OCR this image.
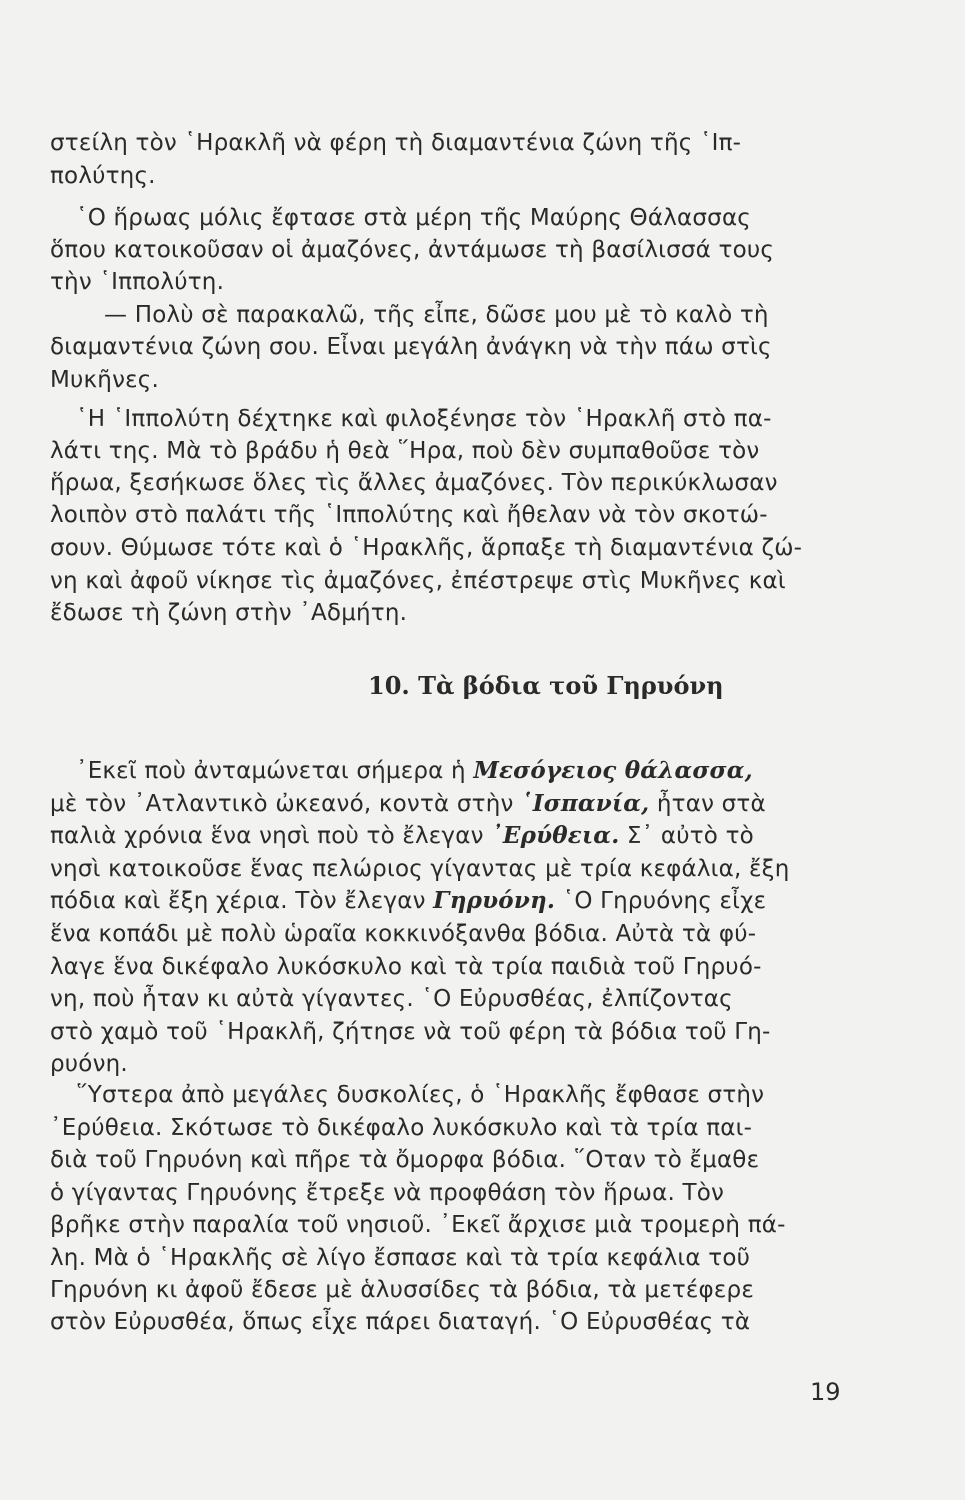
στείλη τὸν ῾Ηρακλῆ νὰ φέρη τὴ διαμαντένια ζώνη τῆς ῾Ιπ-
πολύτης.
῾Ο ἥρωας μόλις ἔφτασε στὰ μέρη τῆς Μαύρης Θάλασσας
ὅπου κατοικοῦσαν οἱ ἀμαζόνες, ἀντάμωσε τὴ βασίλισσά τους
τὴν ῾Ιππολύτη.
— Πολὺ σὲ παρακαλῶ, τῆς εἶπε, δῶσε μου μὲ τὸ καλὸ τὴ
διαμαντένια ζώνη σου. Εἶναι μεγάλη ἀνάγκη νὰ τὴν πάω στὶς
Μυκῆνες.
῾Η ῾Ιππολύτη δέχτηκε καὶ φιλοξένησε τὸν ῾Ηρακλῆ στὸ πα-
λάτι της. Μὰ τὸ βράδυ ἡ θεὰ ῞Ηρα, ποὺ δὲν συμπαθοῦσε τὸν
ἥρωα, ξεσήκωσε ὅλες τὶς ἄλλες ἀμαζόνες. Τὸν περικύκλωσαν
λοιπὸν στὸ παλάτι τῆς ῾Ιππολύτης καὶ ἤθελαν νὰ τὸν σκοτώ-
σουν. Θύμωσε τότε καὶ ὁ ῾Ηρακλῆς, ἅρπαξε τὴ διαμαντένια ζώ-
νη καὶ ἀφοῦ νίκησε τὶς ἀμαζόνες, ἐπέστρεψε στὶς Μυκῆνες καὶ
ἔδωσε τὴ ζώνη στὴν ᾿Αδμήτη.
10. Τὰ βόδια τοῦ Γηρυόνη
᾿Εκεῖ ποὺ ἀνταμώνεται σήμερα ἡ Μεσόγειος θάλασσα,
μὲ τὸν ᾿Ατλαντικὸ ὠκεανό, κοντὰ στὴν ῾Ισπανία, ἦταν στὰ
παλιὰ χρόνια ἕνα νησὶ ποὺ τὸ ἔλεγαν ᾿Ερύθεια. Σ᾿ αὐτὸ τὸ
νησὶ κατοικοῦσε ἕνας πελώριος γίγαντας μὲ τρία κεφάλια, ἔξη
πόδια καὶ ἔξη χέρια. Τὸν ἔλεγαν Γηρυόνη. ῾Ο Γηρυόνης εἶχε
ἕνα κοπάδι μὲ πολὺ ὡραῖα κοκκινόξανθα βόδια. Αὐτὰ τὰ φύ-
λαγε ἕνα δικέφαλο λυκόσκυλο καὶ τὰ τρία παιδιὰ τοῦ Γηρυό-
νη, ποὺ ἦταν κι αὐτὰ γίγαντες. ῾Ο Εὐρυσθέας, ἐλπίζοντας
στὸ χαμὸ τοῦ ῾Ηρακλῆ, ζήτησε νὰ τοῦ φέρη τὰ βόδια τοῦ Γη-
ρυόνη.
῞Υστερα ἀπὸ μεγάλες δυσκολίες, ὁ ῾Ηρακλῆς ἔφθασε στὴν
᾿Ερύθεια. Σκότωσε τὸ δικέφαλο λυκόσκυλο καὶ τὰ τρία παι-
διὰ τοῦ Γηρυόνη καὶ πῆρε τὰ ὄμορφα βόδια. ῞Οταν τὸ ἔμαθε
ὁ γίγαντας Γηρυόνης ἔτρεξε νὰ προφθάση τὸν ἥρωα. Τὸν
βρῆκε στὴν παραλία τοῦ νησιοῦ. ᾿Εκεῖ ἄρχισε μιὰ τρομερὴ πά-
λη. Μὰ ὁ ῾Ηρακλῆς σὲ λίγο ἔσπασε καὶ τὰ τρία κεφάλια τοῦ
Γηρυόνη κι ἀφοῦ ἔδεσε μὲ ἁλυσσίδες τὰ βόδια, τὰ μετέφερε
στὸν Εὐρυσθέα, ὅπως εἶχε πάρει διαταγή. ῾Ο Εὐρυσθέας τὰ
19
